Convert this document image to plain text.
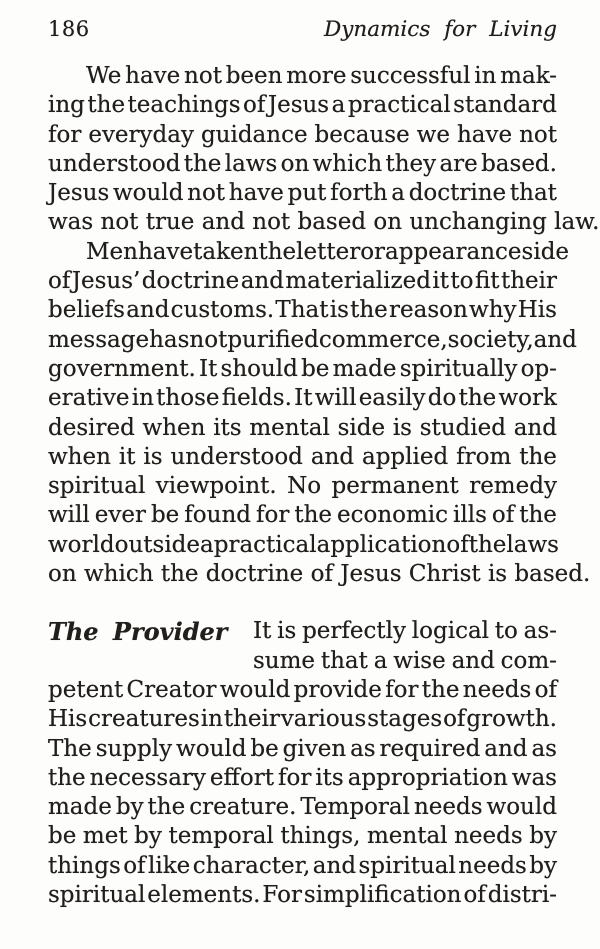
186	Dynamics for Living
We have not been more successful in mak-
ing the teachings of Jesus a practical standard
for everyday guidance because we have not
understood the laws on which they are based.
Jesus would not have put forth a doctrine that
was not true and not based on unchanging law.
Men have taken the letter or appearance side
of Jesus’ doctrine and materialized it to fit their
beliefs and customs. That is the reason why His
message has not purified commerce, society, and
government. It should be made spiritually op-
erative in those fields. It will easily do the work
desired when its mental side is studied and
when it is understood and applied from the
spiritual viewpoint. No permanent remedy
will ever be found for the economic ills of the
world outside a practical application of the laws
on which the doctrine of Jesus Christ is based.
The Provider It is perfectly logical to as-
sume that a wise and com-
petent Creator would provide for the needs of
His creatures in their various stages of growth.
The supply would be given as required and as
the necessary effort for its appropriation was
made by the creature. Temporal needs would
be met by temporal things, mental needs by
things of like character, and spiritual needs by
spiritual elements. For simplification of distri-
